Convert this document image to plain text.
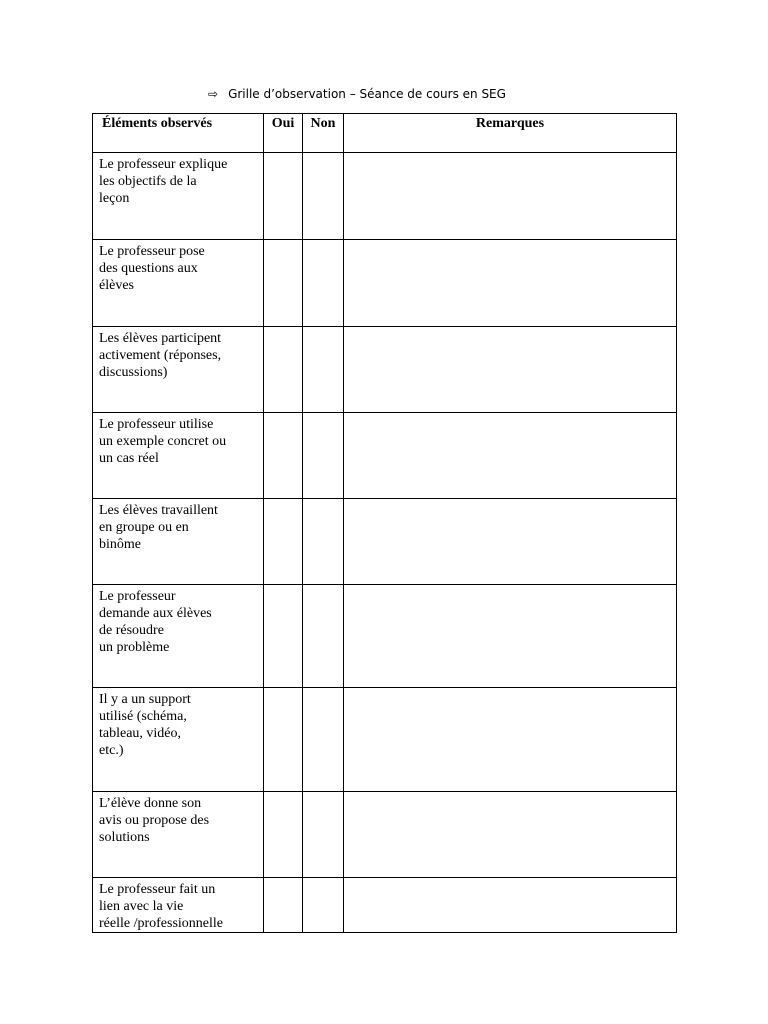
⇨ Grille d’observation – Séance de cours en SEG
Éléments observés	Oui	Non	Remarques

Le professeur explique
les objectifs de la
leçon			

Le professeur pose
des questions aux
élèves			

Les élèves participent
activement (réponses,
discussions)			

Le professeur utilise
un exemple concret ou
un cas réel			

Les élèves travaillent
en groupe ou en
binôme			

Le professeur
demande aux élèves
de résoudre
un problème			

Il y a un support
utilisé (schéma,
tableau, vidéo,
etc.)			

L’élève donne son
avis ou propose des
solutions			

Le professeur fait un
lien avec la vie
réelle /professionnelle			
